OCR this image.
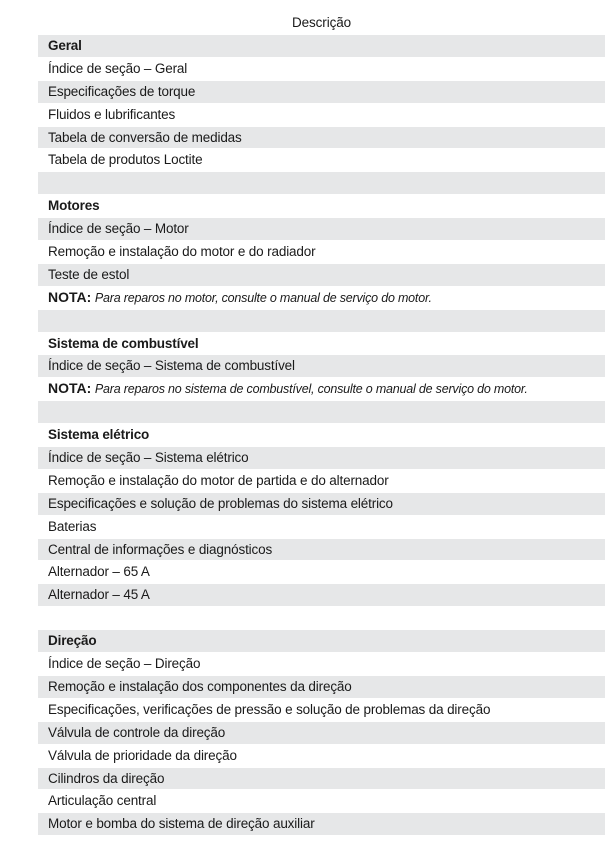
Descrição
Geral
Índice de seção – Geral
Especificações de torque
Fluidos e lubrificantes
Tabela de conversão de medidas
Tabela de produtos Loctite
Motores
Índice de seção – Motor
Remoção e instalação do motor e do radiador
Teste de estol
NOTA: Para reparos no motor, consulte o manual de serviço do motor.
Sistema de combustível
Índice de seção – Sistema de combustível
NOTA: Para reparos no sistema de combustível, consulte o manual de serviço do motor.
Sistema elétrico
Índice de seção – Sistema elétrico
Remoção e instalação do motor de partida e do alternador
Especificações e solução de problemas do sistema elétrico
Baterias
Central de informações e diagnósticos
Alternador – 65 A
Alternador – 45 A
Direção
Índice de seção – Direção
Remoção e instalação dos componentes da direção
Especificações, verificações de pressão e solução de problemas da direção
Válvula de controle da direção
Válvula de prioridade da direção
Cilindros da direção
Articulação central
Motor e bomba do sistema de direção auxiliar
